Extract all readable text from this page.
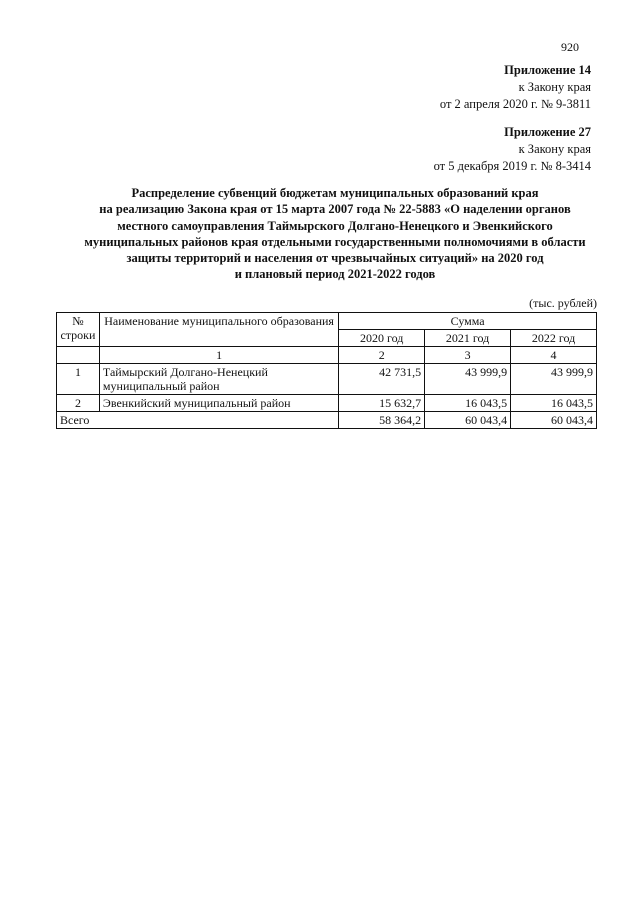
920
Приложение 14
к Закону края
от 2 апреля 2020 г. № 9-3811
Приложение 27
к Закону края
от 5 декабря 2019 г. № 8-3414
Распределение субвенций бюджетам муниципальных образований края
на реализацию Закона края от 15 марта 2007 года № 22-5883 «О наделении органов
местного самоуправления Таймырского Долгано-Ненецкого и Эвенкийского
муниципальных районов края отдельными государственными полномочиями в области
защиты территорий и населения от чрезвычайных ситуаций» на 2020 год
и плановый период 2021-2022 годов
(тыс. рублей)
№ строки	Наименование муниципального образования	Сумма		
		2020 год	2021 год	2022 год
	1	2	3	4
1	Таймырский Долгано-Ненецкий муниципальный район	42 731,5	43 999,9	43 999,9
2	Эвенкийский муниципальный район	15 632,7	16 043,5	16 043,5
Всего		58 364,2	60 043,4	60 043,4
